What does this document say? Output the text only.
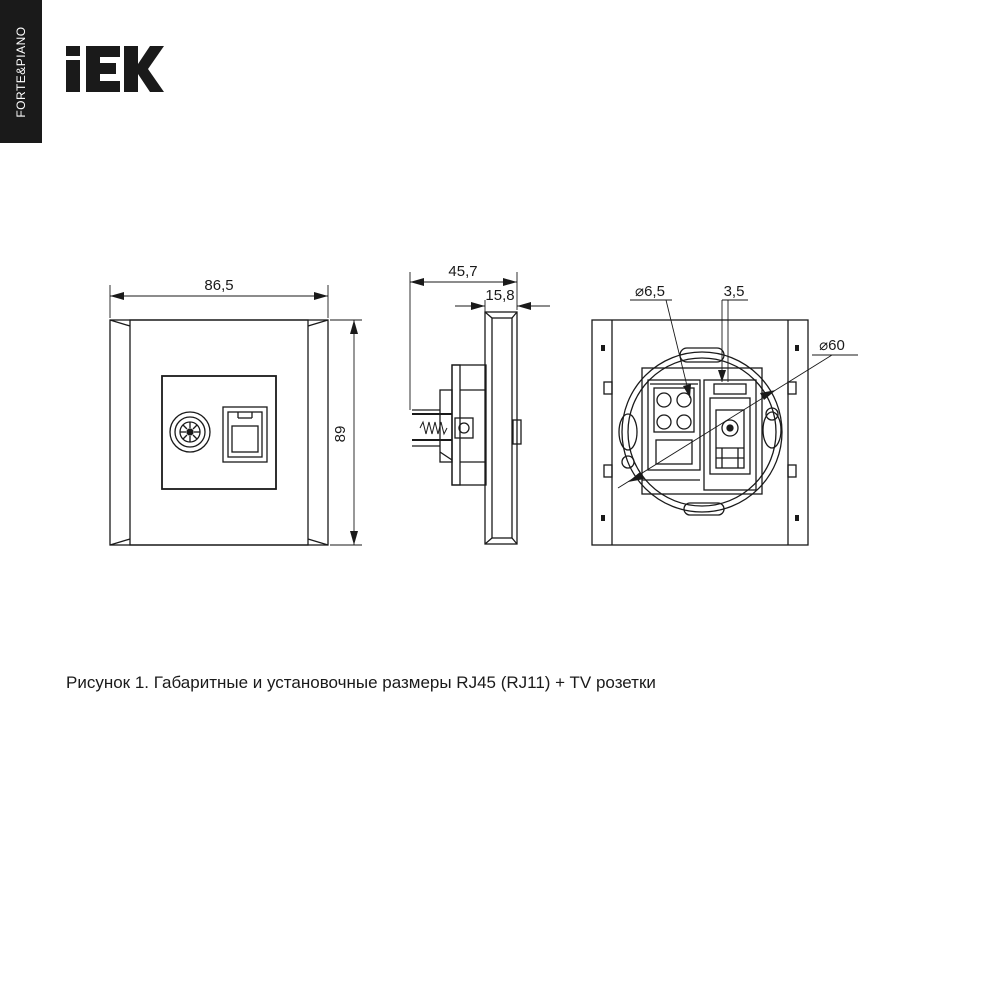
FORTE&PIANO
86,5
89
45,7
15,8	⌀6,5	3,5
⌀60
Рисунок 1. Габаритные и установочные размеры RJ45 (RJ11) + TV розетки
